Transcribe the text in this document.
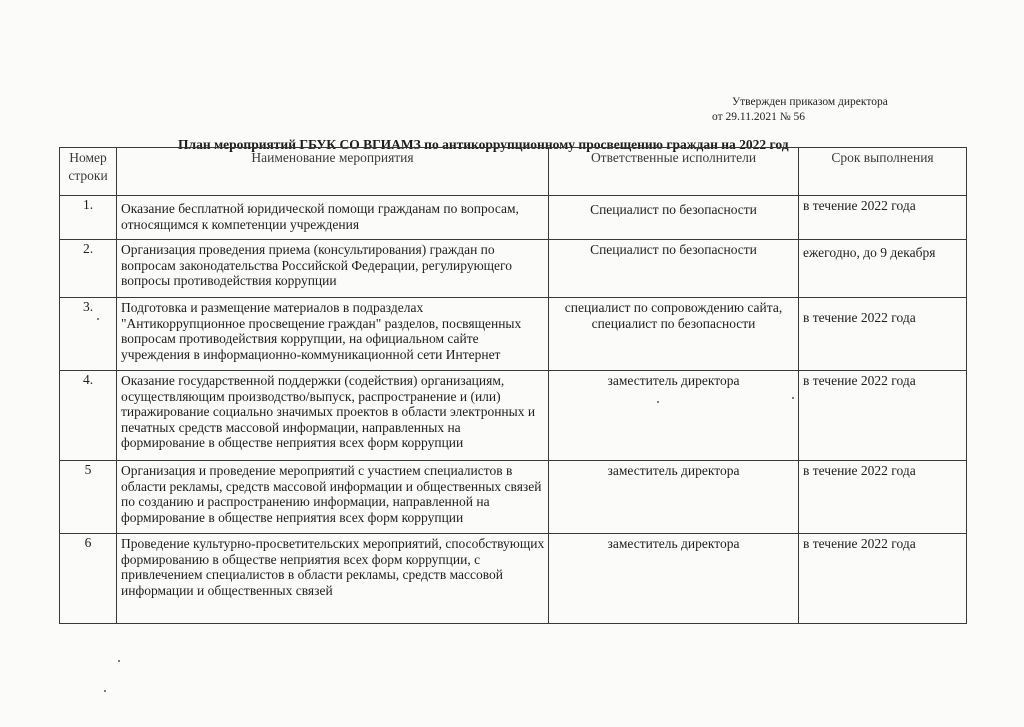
Утвержден приказом директора
от 29.11.2021 № 56
План мероприятий ГБУК СО ВГИАМЗ по антикоррупционному просвещению граждан на 2022 год
Номер строки	Наименование мероприятия	Ответственные исполнители	Срок выполнения
1.	Оказание бесплатной юридической помощи гражданам по вопросам, относящимся к компетенции учреждения	Специалист по безопасности	в течение 2022 года
2.	Организация проведения приема (консультирования) граждан по вопросам законодательства Российской Федерации, регулирующего вопросы противодействия коррупции	Специалист по безопасности	ежегодно, до 9 декабря
3.	Подготовка и размещение материалов в подразделах "Антикоррупционное просвещение граждан" разделов, посвященных вопросам противодействия коррупции, на официальном сайте учреждения в информационно-коммуникационной сети Интернет	специалист по сопровождению сайта, специалист по безопасности	в течение 2022 года
4.	Оказание государственной поддержки (содействия) организациям, осуществляющим производство/выпуск, распространение и (или) тиражирование социально значимых проектов в области электронных и печатных средств массовой информации, направленных на формирование в обществе неприятия всех форм коррупции	заместитель директора	в течение 2022 года
5	Организация и проведение мероприятий с участием специалистов в области рекламы, средств массовой информации и общественных связей по созданию и распространению информации, направленной на формирование в обществе неприятия всех форм коррупции	заместитель директора	в течение 2022 года
6	Проведение культурно-просветительских мероприятий, способствующих формированию в обществе неприятия всех форм коррупции, с привлечением специалистов в области рекламы, средств массовой информации и общественных связей	заместитель директора	в течение 2022 года
